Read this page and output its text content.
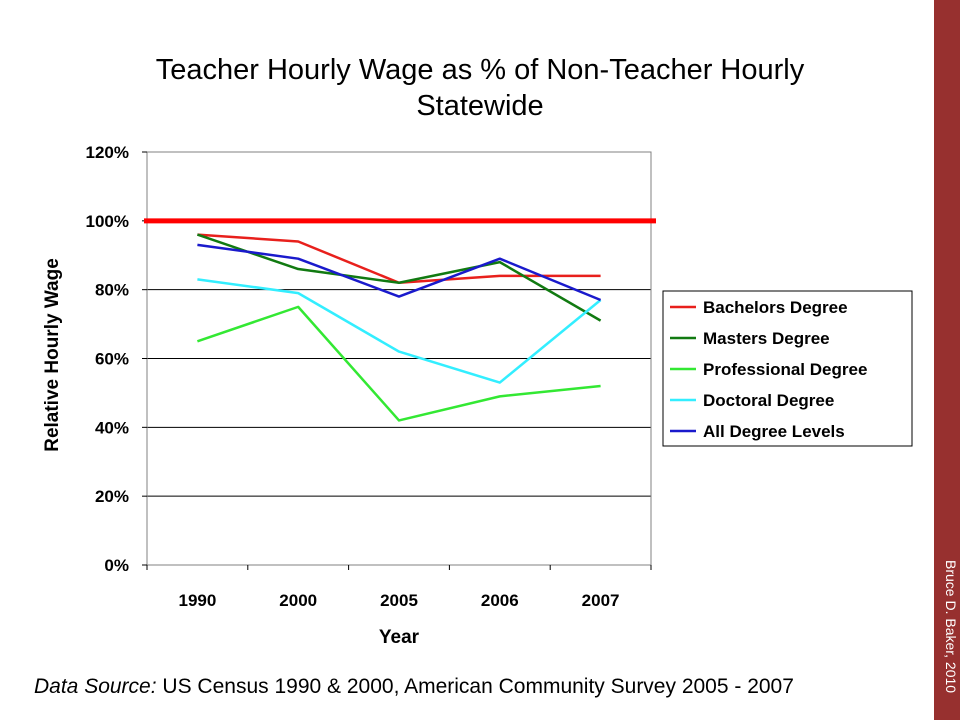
Teacher Hourly Wage as % of Non-Teacher Hourly
Statewide
0%
20%
40%
60%
80%
100%
120%
1990	2000	2005	2006	2007
Year
Relative Hourly Wage	Bachelors Degree
Masters Degree
Professional Degree
Doctoral Degree
All Degree Levels
Data Source: US Census 1990 & 2000, American Community Survey 2005 - 2007	Bruce D. Baker, 2010
